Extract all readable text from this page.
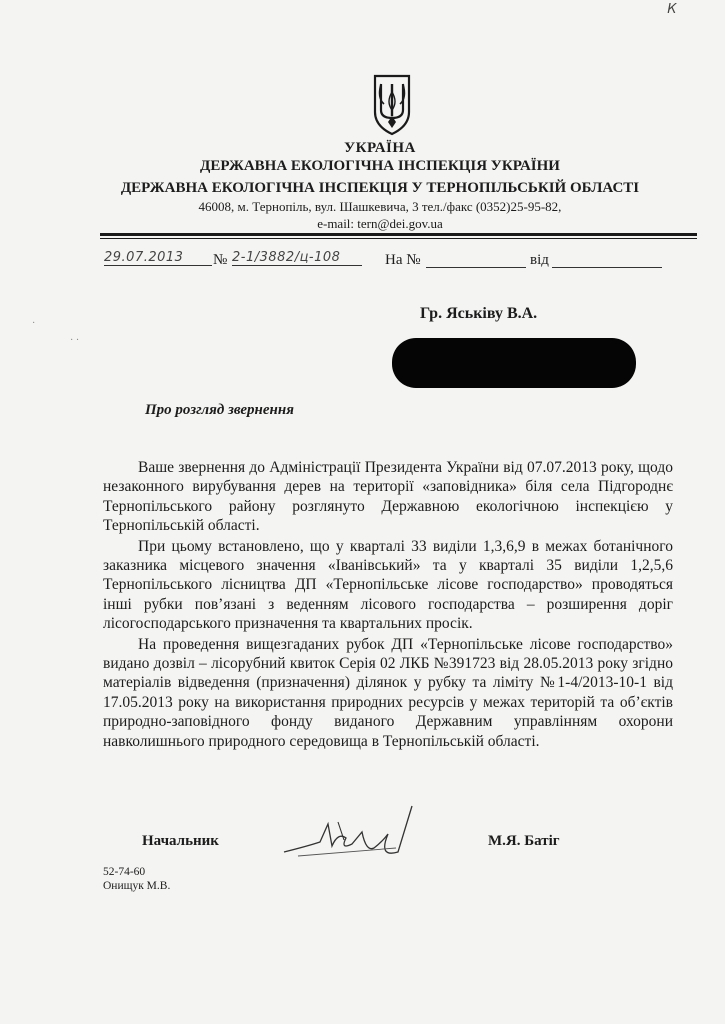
К
УКРАЇНА
ДЕРЖАВНА ЕКОЛОГІЧНА ІНСПЕКЦІЯ УКРАЇНИ
ДЕРЖАВНА ЕКОЛОГІЧНА ІНСПЕКЦІЯ У ТЕРНОПІЛЬСЬКІЙ ОБЛАСТІ
46008, м. Тернопіль, вул. Шашкевича, 3 тел./факс (0352)25-95-82,
e-mail: tern@dei.gov.ua
29.07.2013	№ 2-1/3882/ц-108	На №	від
·
· ·
Гр. Яськіву В.А.
Про розгляд звернення

Ваше звернення до Адміністрації Президента України від 07.07.2013 року, щодо незаконного вирубування дерев на території «заповідника» біля села Підгороднє Тернопільського району розглянуто Державною екологічною інспекцією у Тернопільській області.

При цьому встановлено, що у кварталі 33 виділи 1,3,6,9 в межах ботанічного заказника місцевого значення «Іванівський» та у кварталі 35 виділи 1,2,5,6 Тернопільського лісництва ДП «Тернопільське лісове господарство» проводяться інші рубки пов’язані з веденням лісового господарства – розширення доріг лісогосподарського призначення та квартальних просік.

На проведення вищезгаданих рубок ДП «Тернопільське лісове господарство» видано дозвіл – лісорубний квиток Серія 02 ЛКБ №391723 від 28.05.2013 року згідно матеріалів відведення (призначення) ділянок у рубку та ліміту №1-4/2013-10-1 від 17.05.2013 року на використання природних ресурсів у межах територій та об’єктів природно-заповідного фонду виданого Державним управлінням охорони навколишнього природного середовища в Тернопільській області.

Начальник	М.Я. Батіг
52-74-60
Онищук М.В.
